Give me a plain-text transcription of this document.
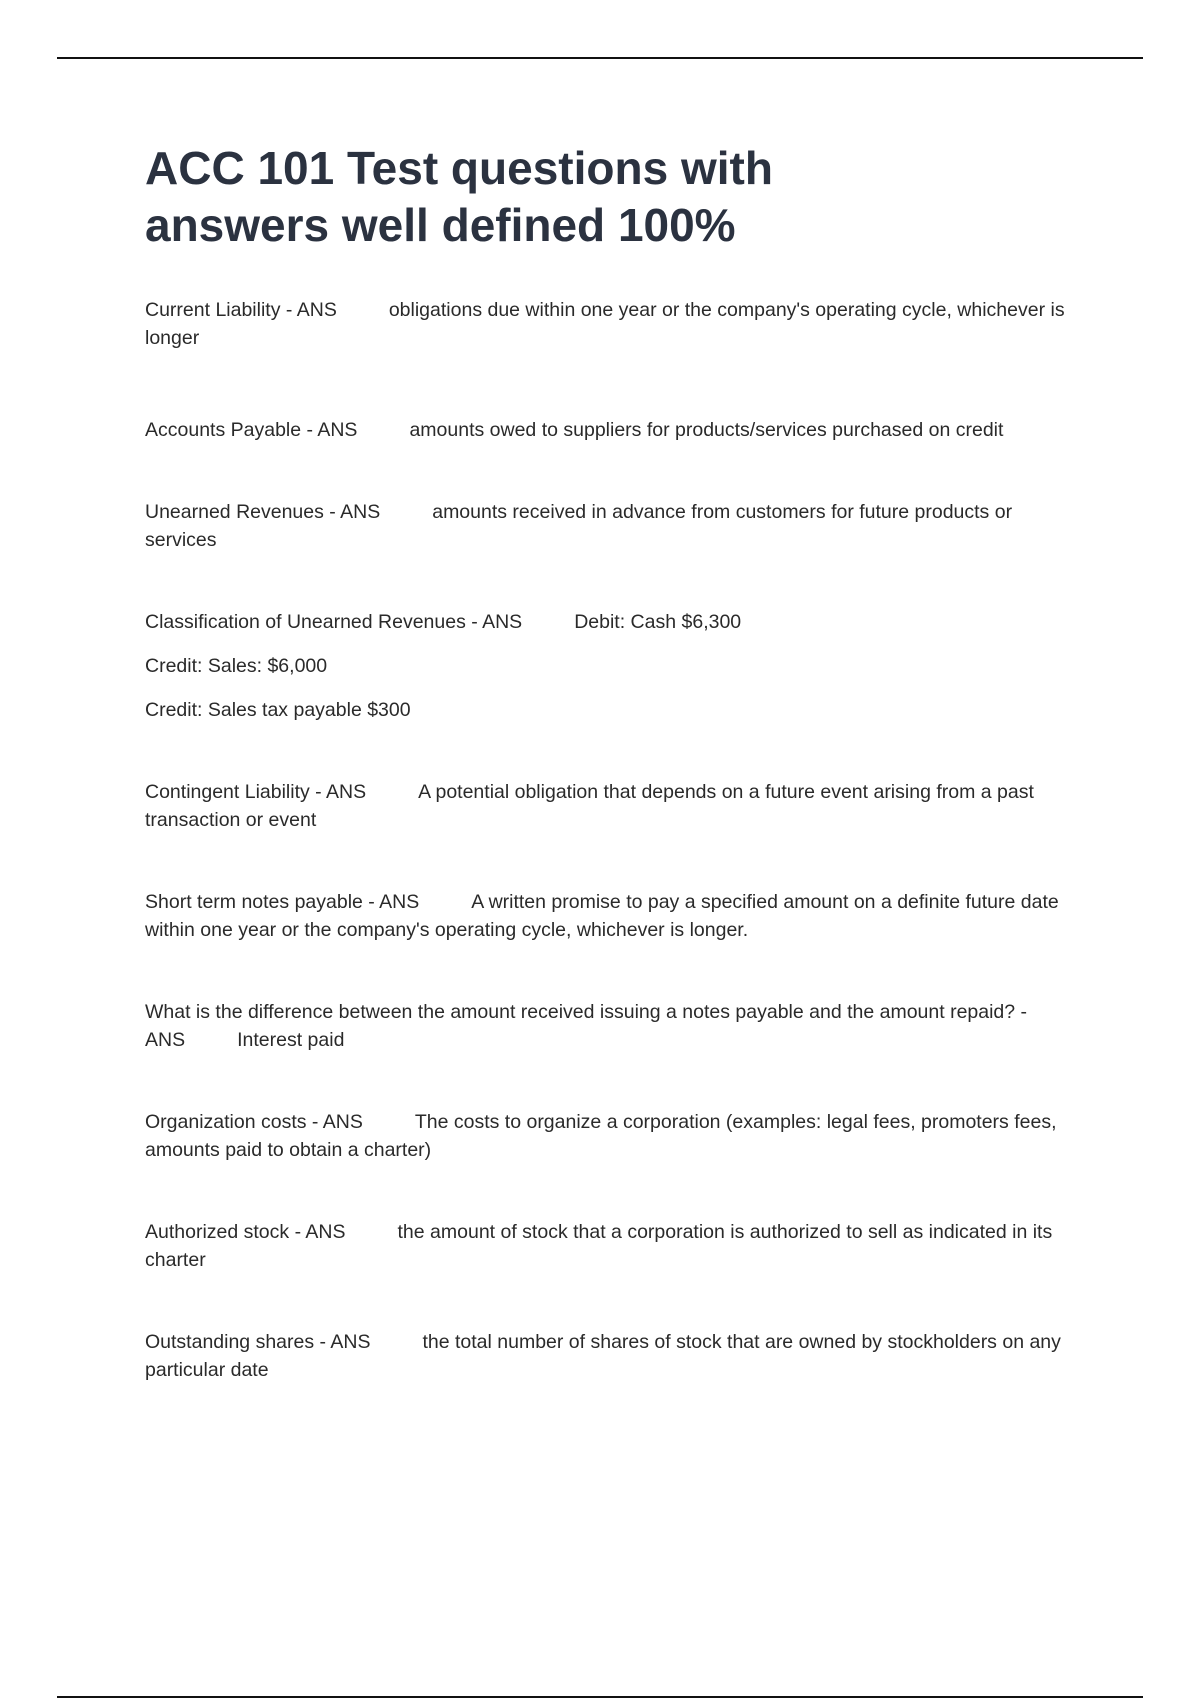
ACC 101 Test questions with
answers well defined 100%

Current Liability - ANS	obligations due within one year or the company's operating cycle, whichever is longer

Accounts Payable - ANS	amounts owed to suppliers for products/services purchased on credit

Unearned Revenues - ANS	amounts received in advance from customers for future products or services

Classification of Unearned Revenues - ANS	Debit: Cash $6,300

Credit: Sales: $6,000

Credit: Sales tax payable $300

Contingent Liability - ANS	A potential obligation that depends on a future event arising from a past transaction or event

Short term notes payable - ANS	A written promise to pay a specified amount on a definite future date within one year or the company's operating cycle, whichever is longer.

What is the difference between the amount received issuing a notes payable and the amount repaid? - ANS	Interest paid

Organization costs - ANS	The costs to organize a corporation (examples: legal fees, promoters fees, amounts paid to obtain a charter)

Authorized stock - ANS	the amount of stock that a corporation is authorized to sell as indicated in its charter

Outstanding shares - ANS	the total number of shares of stock that are owned by stockholders on any particular date
